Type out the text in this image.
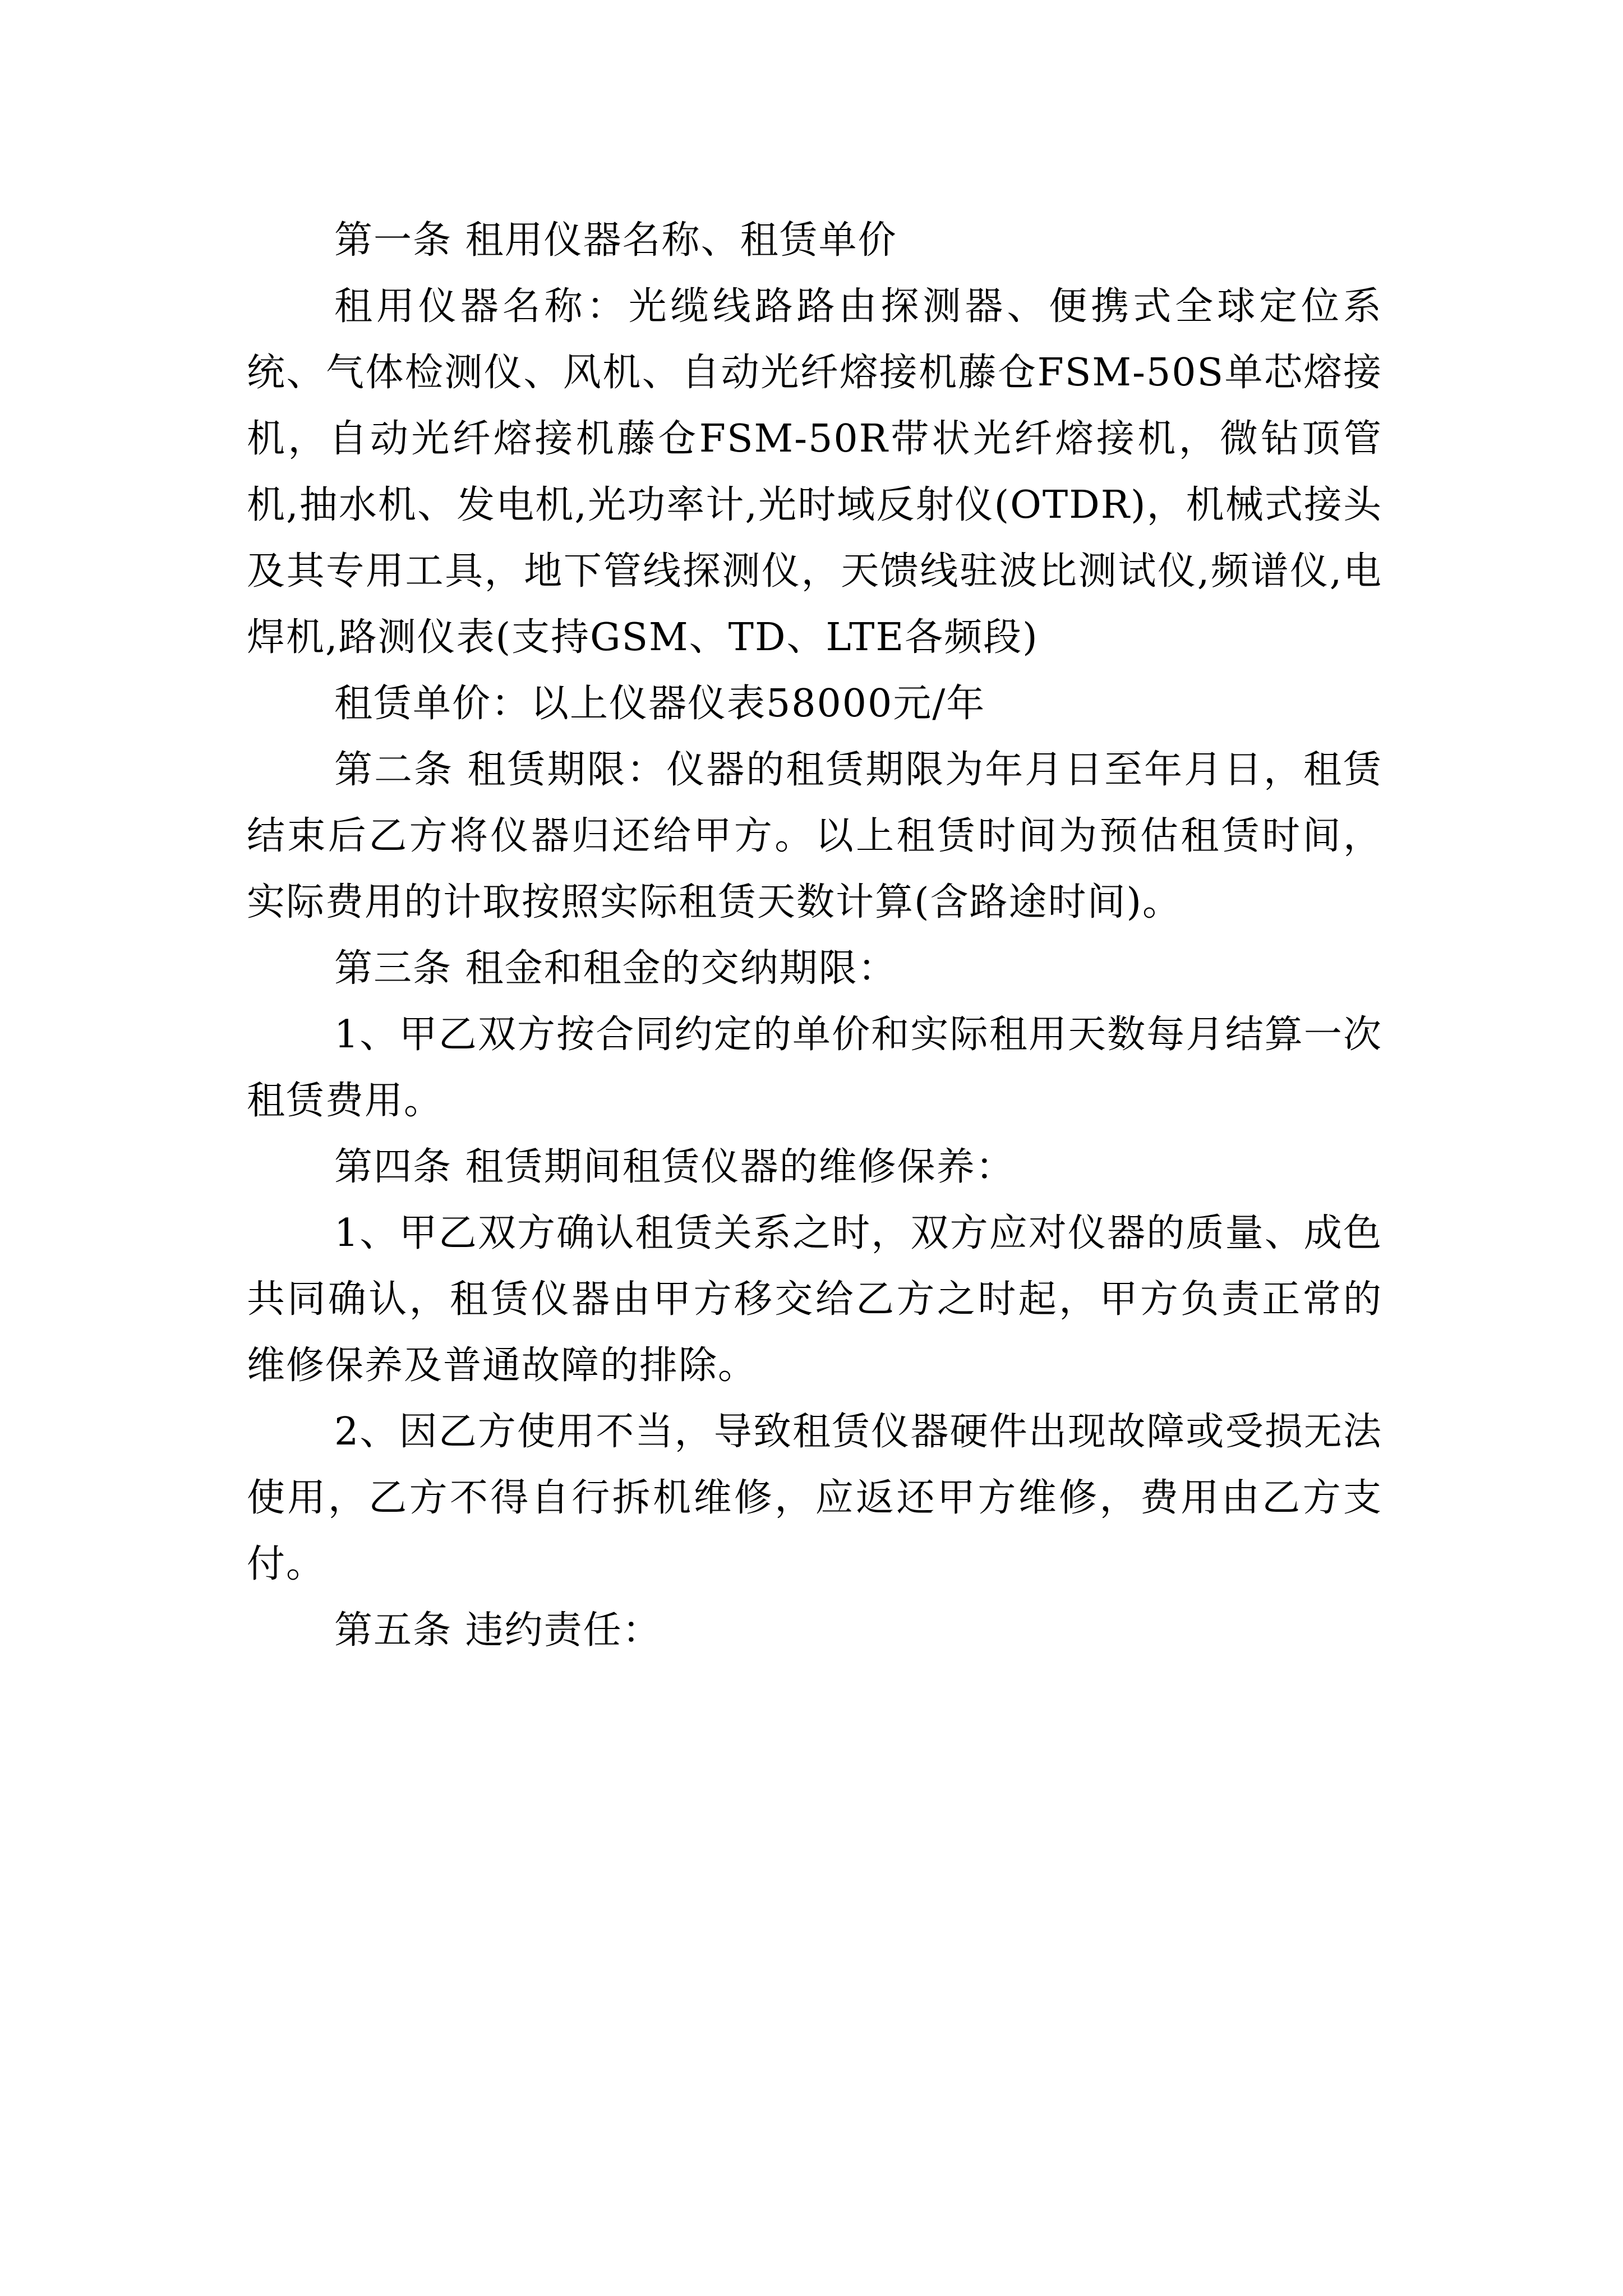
第一条 租用仪器名称、租赁单价

租用仪器名称：光缆线路路由探测器、便携式全球定位系统、气体检测仪、风机、自动光纤熔接机藤仓FSM-50S单芯熔接机，自动光纤熔接机藤仓FSM-50R带状光纤熔接机，微钻顶管机,抽水机、发电机,光功率计,光时域反射仪(OTDR)，机械式接头及其专用工具，地下管线探测仪，天馈线驻波比测试仪,频谱仪,电焊机,路测仪表(支持GSM、TD、LTE各频段)

租赁单价：以上仪器仪表58000元/年

第二条 租赁期限：仪器的租赁期限为年月日至年月日，租赁结束后乙方将仪器归还给甲方。以上租赁时间为预估租赁时间，实际费用的计取按照实际租赁天数计算(含路途时间)。

第三条 租金和租金的交纳期限：

1、甲乙双方按合同约定的单价和实际租用天数每月结算一次租赁费用。

第四条 租赁期间租赁仪器的维修保养：

1、甲乙双方确认租赁关系之时，双方应对仪器的质量、成色共同确认，租赁仪器由甲方移交给乙方之时起，甲方负责正常的维修保养及普通故障的排除。

2、因乙方使用不当，导致租赁仪器硬件出现故障或受损无法使用，乙方不得自行拆机维修，应返还甲方维修，费用由乙方支付。

第五条 违约责任：
